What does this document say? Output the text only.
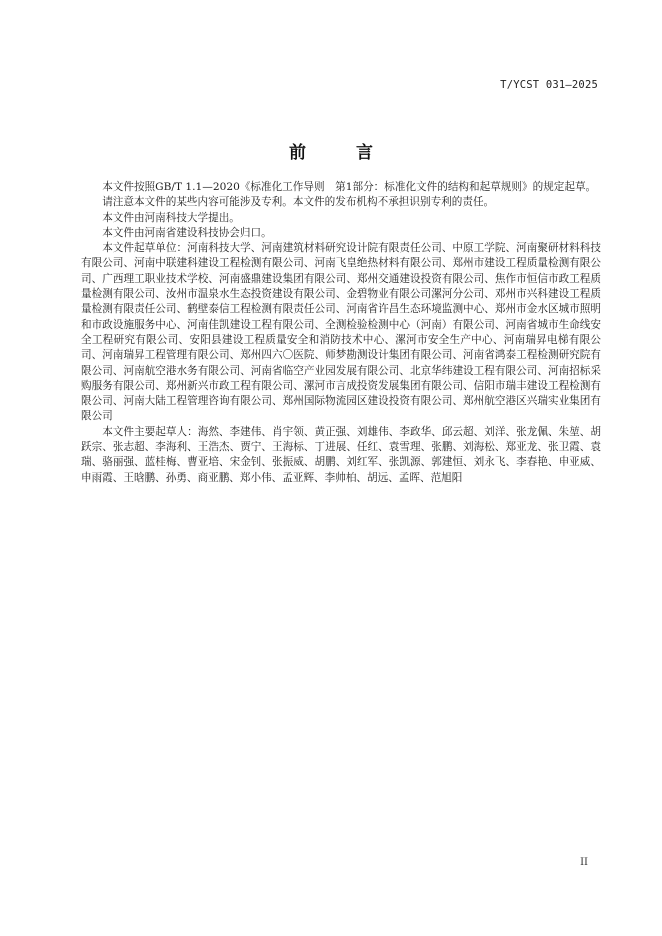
T/YCST 031—2025
前 言

本文件按照GB/T 1.1—2020《标准化工作导则　第1部分：标准化文件的结构和起草规则》的规定起草。

请注意本文件的某些内容可能涉及专利。本文件的发布机构不承担识别专利的责任。

本文件由河南科技大学提出。

本文件由河南省建设科技协会归口。

本文件起草单位：河南科技大学、河南建筑材料研究设计院有限责任公司、中原工学院、河南聚研材料科技有限公司、河南中联建科建设工程检测有限公司、河南飞皇绝热材料有限公司、郑州市建设工程质量检测有限公司、广西理工职业技术学校、河南盛鼎建设集团有限公司、郑州交通建设投资有限公司、焦作市恒信市政工程质量检测有限公司、汝州市温泉水生态投资建设有限公司、金碧物业有限公司漯河分公司、邓州市兴科建设工程质量检测有限责任公司、鹤壁泰信工程检测有限责任公司、河南省许昌生态环境监测中心、郑州市金水区城市照明和市政设施服务中心、河南佳凯建设工程有限公司、全测检验检测中心（河南）有限公司、河南省城市生命线安全工程研究有限公司、安阳县建设工程质量安全和消防技术中心、漯河市安全生产中心、河南瑞昇电梯有限公司、河南瑞昇工程管理有限公司、郑州四六〇医院、师梦勘测设计集团有限公司、河南省鸿泰工程检测研究院有限公司、河南航空港水务有限公司、河南省临空产业园发展有限公司、北京华纬建设工程有限公司、河南招标采购服务有限公司、郑州新兴市政工程有限公司、漯河市言成投资发展集团有限公司、信阳市瑞丰建设工程检测有限公司、河南大陆工程管理咨询有限公司、郑州国际物流园区建设投资有限公司、郑州航空港区兴瑞实业集团有限公司

本文件主要起草人：海然、李建伟、肖宇领、黄正强、刘雄伟、李政华、邱云超、刘洋、张龙佩、朱堃、胡跃宗、张志超、李海利、王浩杰、贾宁、王海标、丁进展、任红、袁雪理、张鹏、刘海松、郑亚龙、张卫霞、袁瑞、骆丽强、蓝桂梅、曹亚培、宋金钊、张振威、胡鹏、刘红军、张凯源、郭建恒、刘永飞、李春艳、申亚威、申雨霞、王晗鹏、孙勇、商亚鹏、郑小伟、孟亚辉、李帅柏、胡远、孟晖、范旭阳

II
